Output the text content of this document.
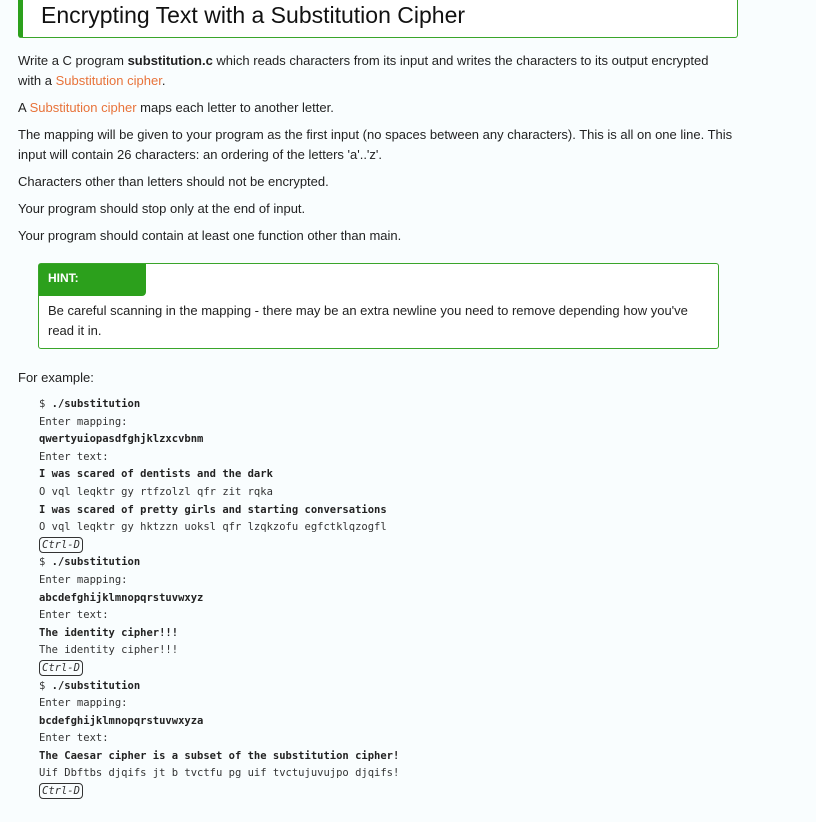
Encrypting Text with a Substitution Cipher

Write a C program substitution.c which reads characters from its input and writes the characters to its output encrypted with a Substitution cipher.

A Substitution cipher maps each letter to another letter.

The mapping will be given to your program as the first input (no spaces between any characters). This is all on one line. This input will contain 26 characters: an ordering of the letters 'a'..'z'.

Characters other than letters should not be encrypted.

Your program should stop only at the end of input.

Your program should contain at least one function other than main.

HINT:
Be careful scanning in the mapping - there may be an extra newline you need to remove depending how you've read it in.
For example:
$ ./substitution
Enter mapping:
qwertyuiopasdfghjklzxcvbnm
Enter text:
I was scared of dentists and the dark
O vql leqktr gy rtfzolzl qfr zit rqka
I was scared of pretty girls and starting conversations
O vql leqktr gy hktzzn uoksl qfr lzqkzofu egfctklqzogfl
Ctrl-D
$ ./substitution
Enter mapping:
abcdefghijklmnopqrstuvwxyz
Enter text:
The identity cipher!!!
The identity cipher!!!
Ctrl-D
$ ./substitution
Enter mapping:
bcdefghijklmnopqrstuvwxyza
Enter text:
The Caesar cipher is a subset of the substitution cipher!
Uif Dbftbs djqifs jt b tvctfu pg uif tvctujuvujpo djqifs!
Ctrl-D
